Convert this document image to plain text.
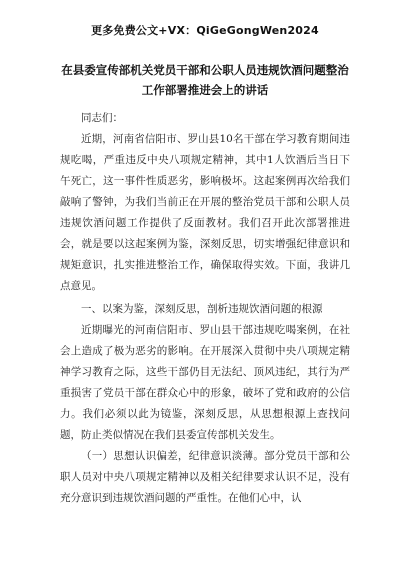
更多免费公文+VX：QiGeGongWen2024
在县委宣传部机关党员干部和公职人员违规饮酒问题整治
工作部署推进会上的讲话

同志们：

近期，河南省信阳市、罗山县10名干部在学习教育期间违规吃喝，严重违反中央八项规定精神，其中1人饮酒后当日下午死亡，这一事件性质恶劣，影响极坏。这起案例再次给我们敲响了警钟，为我们当前正在开展的整治党员干部和公职人员违规饮酒问题工作提供了反面教材。我们召开此次部署推进会，就是要以这起案例为鉴，深刻反思，切实增强纪律意识和规矩意识，扎实推进整治工作，确保取得实效。下面，我讲几点意见。

一、以案为鉴，深刻反思，剖析违规饮酒问题的根源

近期曝光的河南信阳市、罗山县干部违规吃喝案例，在社会上造成了极为恶劣的影响。在开展深入贯彻中央八项规定精神学习教育之际，这些干部仍目无法纪、顶风违纪，其行为严重损害了党员干部在群众心中的形象，破坏了党和政府的公信力。我们必须以此为镜鉴，深刻反思，从思想根源上查找问题，防止类似情况在我们县委宣传部机关发生。

（一）思想认识偏差，纪律意识淡薄。部分党员干部和公职人员对中央八项规定精神以及相关纪律要求认识不足，没有充分意识到违规饮酒问题的严重性。在他们心中，认
